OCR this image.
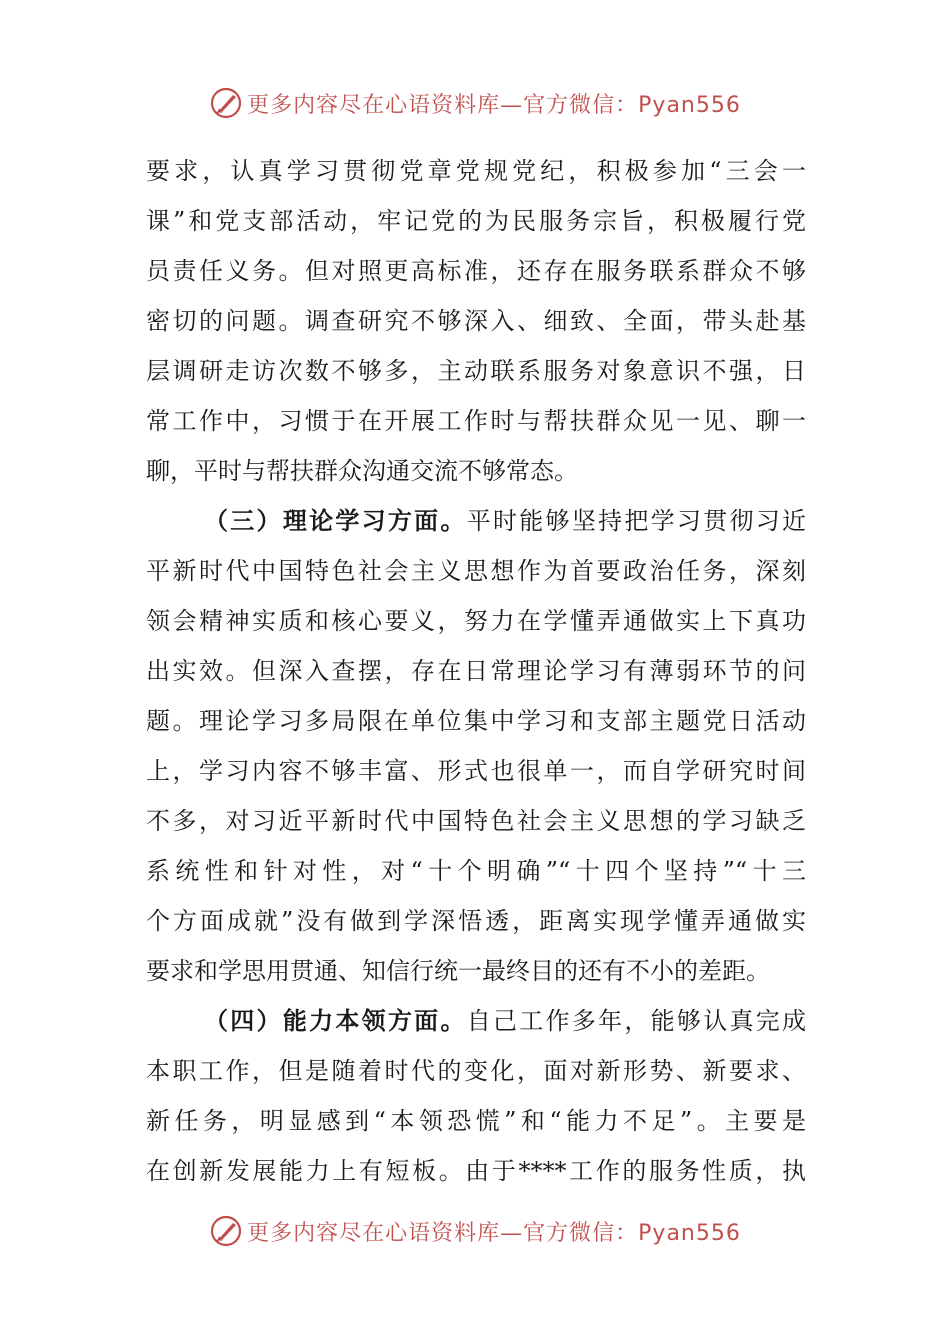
更多内容尽在心语资料库—官方微信：Pyan556
要求，认真学习贯彻党章党规党纪，积极参加“三会一
课”和党支部活动，牢记党的为民服务宗旨，积极履行党
员责任义务。但对照更高标准，还存在服务联系群众不够
密切的问题。调查研究不够深入、细致、全面，带头赴基
层调研走访次数不够多，主动联系服务对象意识不强，日
常工作中，习惯于在开展工作时与帮扶群众见一见、聊一
聊，平时与帮扶群众沟通交流不够常态。
（三）理论学习方面。平时能够坚持把学习贯彻习近
平新时代中国特色社会主义思想作为首要政治任务，深刻
领会精神实质和核心要义，努力在学懂弄通做实上下真功
出实效。但深入查摆，存在日常理论学习有薄弱环节的问
题。理论学习多局限在单位集中学习和支部主题党日活动
上，学习内容不够丰富、形式也很单一，而自学研究时间
不多，对习近平新时代中国特色社会主义思想的学习缺乏
系统性和针对性，对“十个明确”“十四个坚持”“十三
个方面成就”没有做到学深悟透，距离实现学懂弄通做实
要求和学思用贯通、知信行统一最终目的还有不小的差距。
（四）能力本领方面。自己工作多年，能够认真完成
本职工作，但是随着时代的变化，面对新形势、新要求、
新任务，明显感到“本领恐慌”和“能力不足”。主要是
在创新发展能力上有短板。由于****工作的服务性质，执
更多内容尽在心语资料库—官方微信：Pyan556
